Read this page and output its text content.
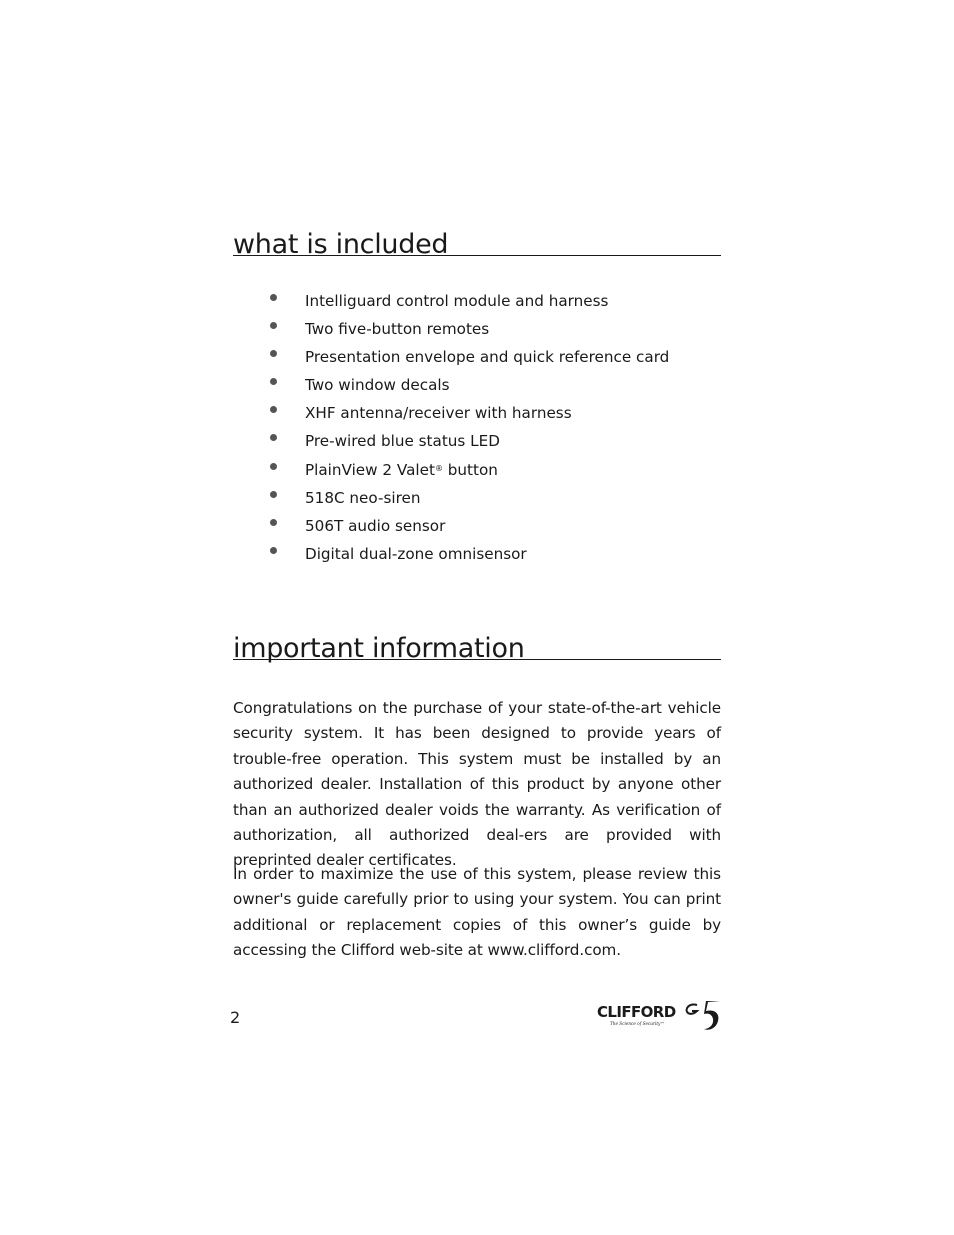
what is included
Intelliguard control module and harness
Two five-button remotes
Presentation envelope and quick reference card
Two window decals
XHF antenna/receiver with harness
Pre-wired blue status LED
PlainView 2 Valet® button
518C neo-siren
506T audio sensor
Digital dual-zone omnisensor
important information

Congratulations on the purchase of your state-of-the-art vehicle security system. It has been designed to provide years of trouble-free operation. This system must be installed by an authorized dealer. Installation of this product by anyone other than an authorized dealer voids the warranty. As verification of authorization, all authorized deal-ers are provided with preprinted dealer certificates.

In order to maximize the use of this system, please review this owner's guide carefully prior to using your system. You can print additional or replacement copies of this owner’s guide by accessing the Clifford web-site at www.clifford.com.

2	CLIFFORD
The Science of Security™
